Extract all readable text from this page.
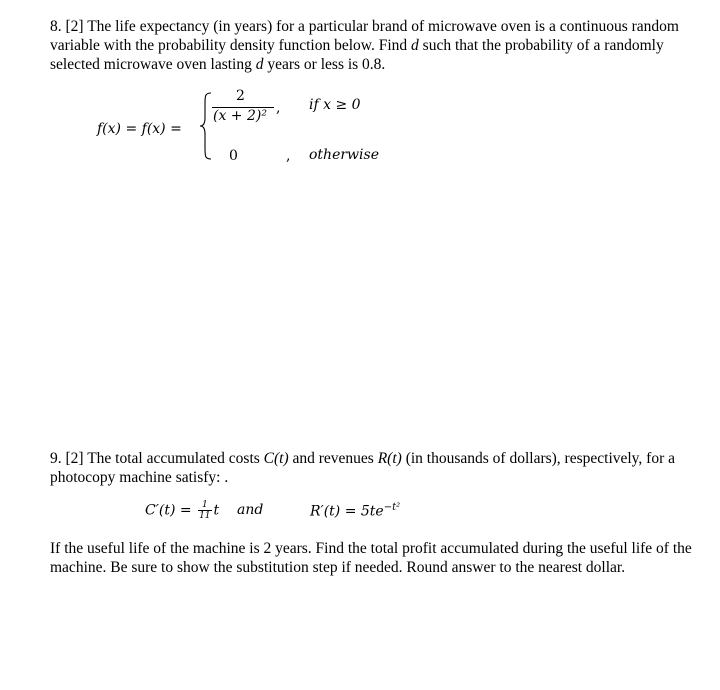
8. [2] The life expectancy (in years) for a particular brand of microwave oven is a continuous random variable with the probability density function below. Find d such that the probability of a randomly selected microwave oven lasting d years or less is 0.8.
f(x) = f(x) =
2
(x + 2)² , if x ≥ 0
0	, otherwise
9. [2] The total accumulated costs C(t) and revenues R(t) (in thousands of dollars), respectively, for a photocopy machine satisfy: .
$C'(t) = \frac{1}{11}$ t and	$R'(t) = 5te^{-t^2}$
If the useful life of the machine is 2 years. Find the total profit accumulated during the useful life of the machine. Be sure to show the substitution step if needed. Round answer to the nearest dollar.
